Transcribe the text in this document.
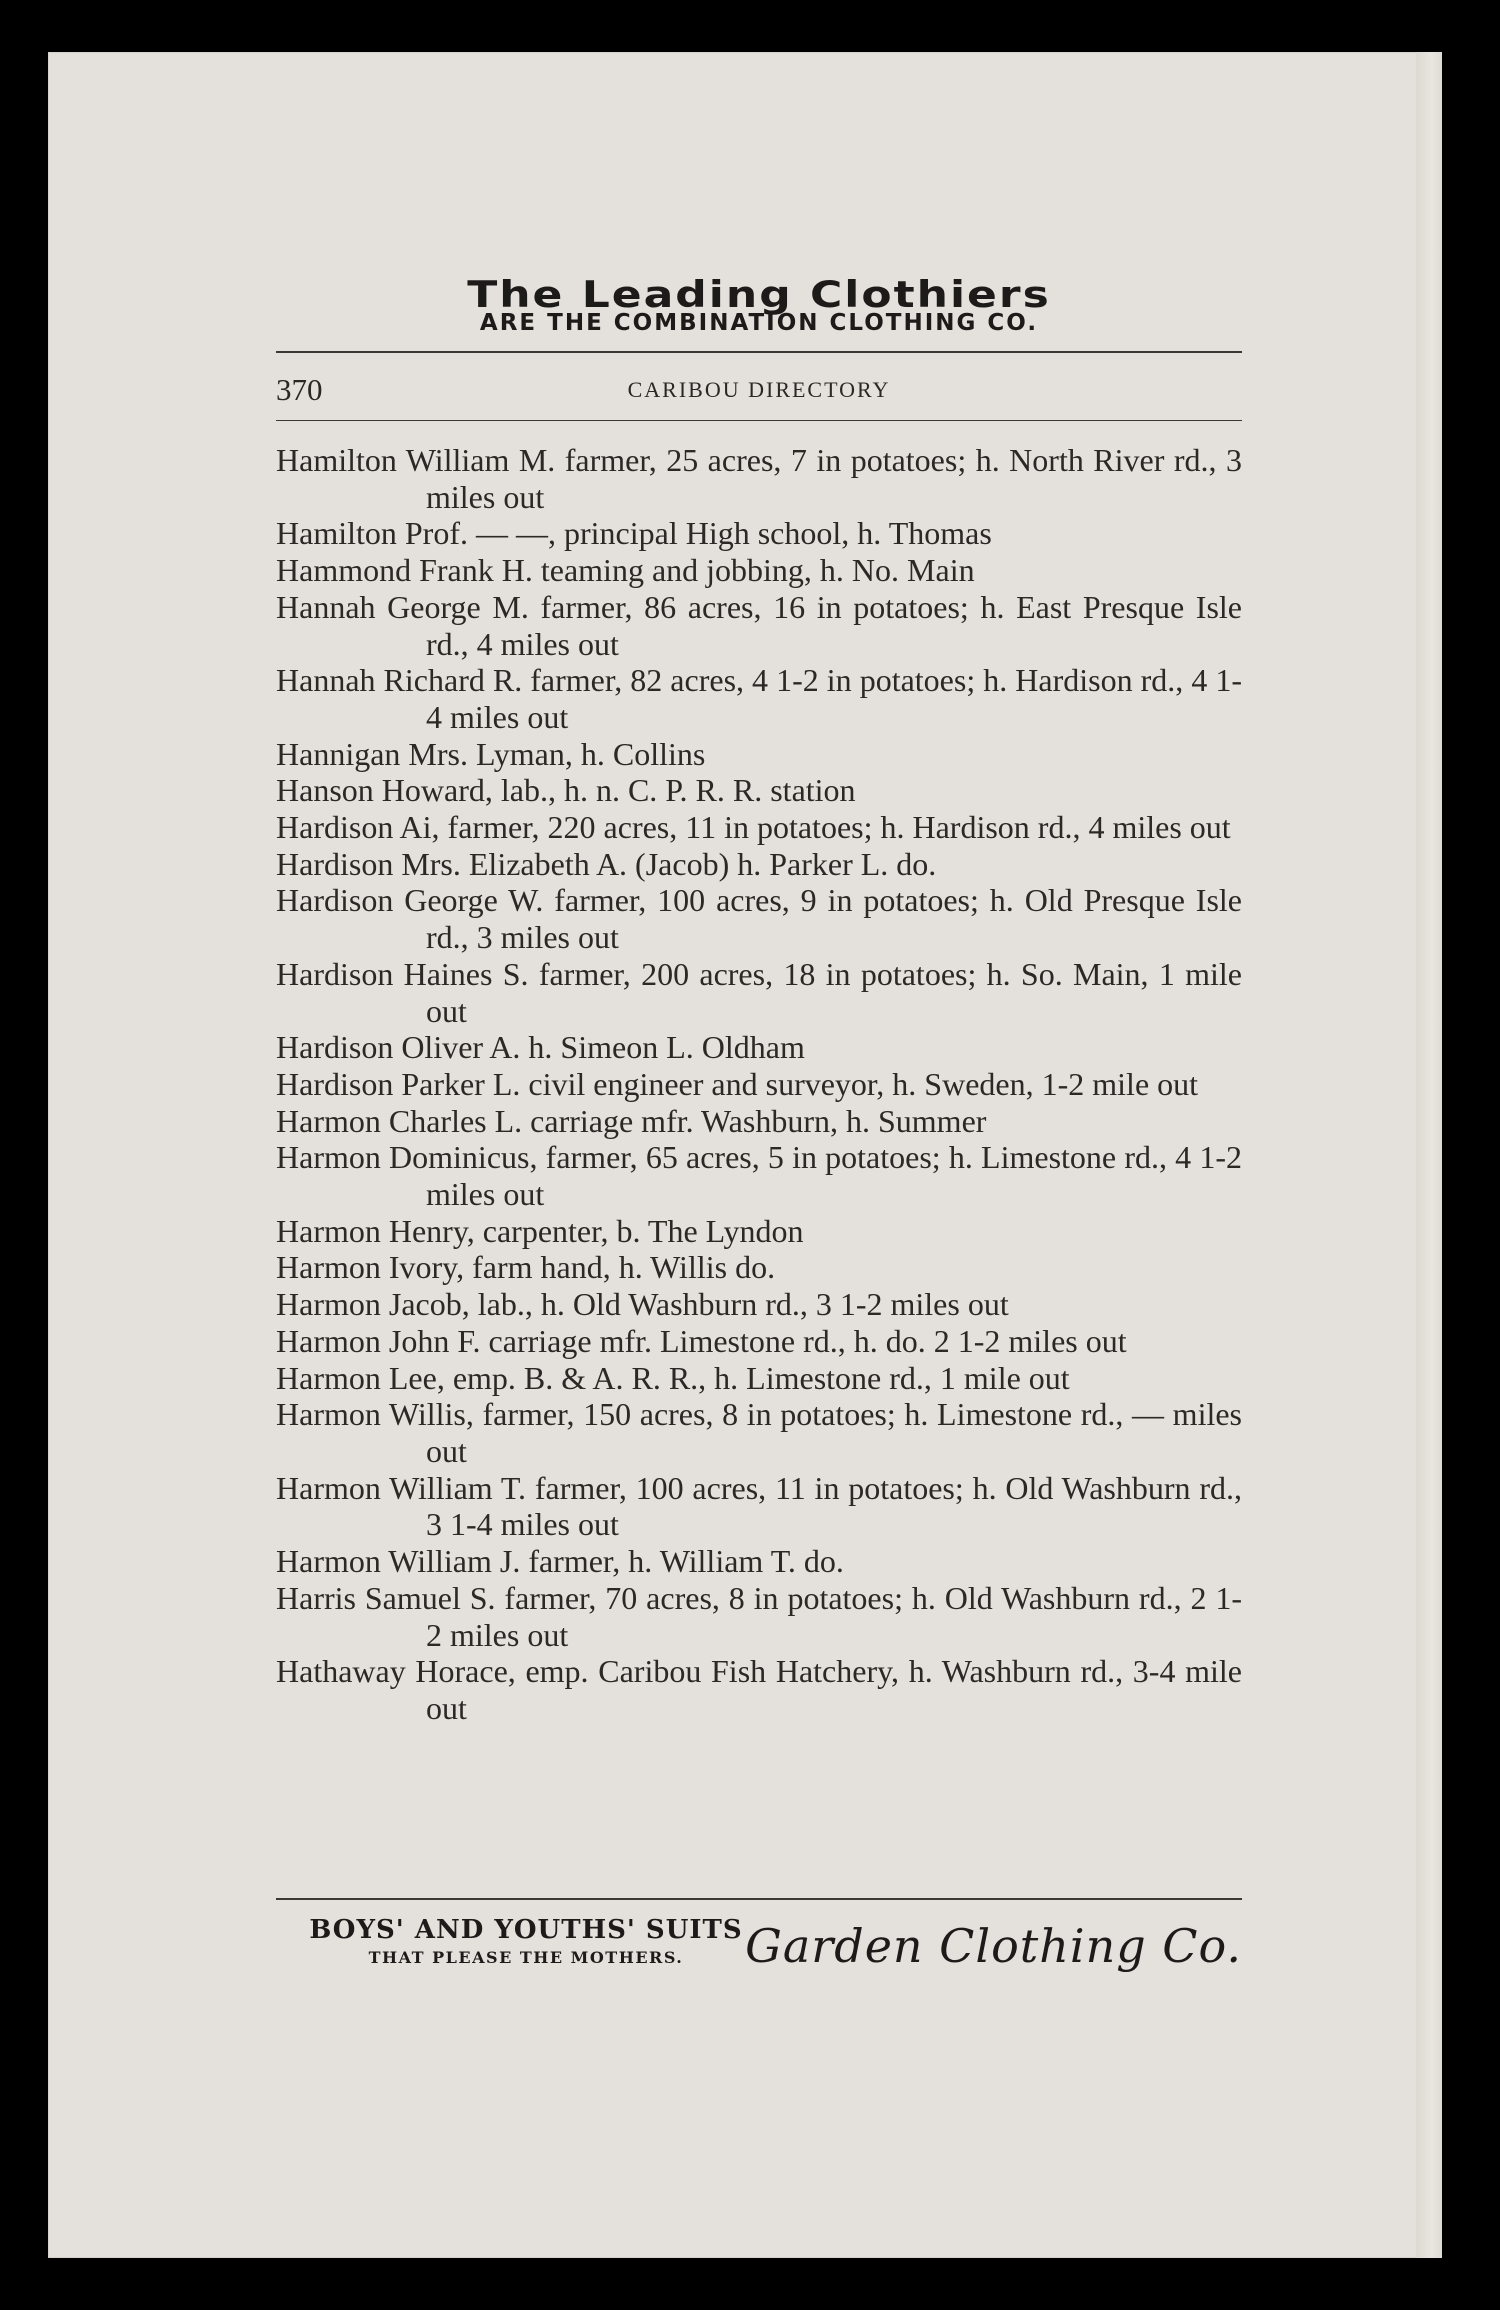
The Leading Clothiers
ARE THE COMBINATION CLOTHING CO.
370	CARIBOU DIRECTORY
Hamilton William M. farmer, 25 acres, 7 in potatoes; h. North River rd., 3 miles out
Hamilton Prof. — —, principal High school, h. Thomas
Hammond Frank H. teaming and jobbing, h. No. Main
Hannah George M. farmer, 86 acres, 16 in potatoes; h. East Presque Isle rd., 4 miles out
Hannah Richard R. farmer, 82 acres, 4 1-2 in potatoes; h. Hardison rd., 4 1-4 miles out
Hannigan Mrs. Lyman, h. Collins
Hanson Howard, lab., h. n. C. P. R. R. station
Hardison Ai, farmer, 220 acres, 11 in potatoes; h. Hardison rd., 4 miles out
Hardison Mrs. Elizabeth A. (Jacob) h. Parker L. do.
Hardison George W. farmer, 100 acres, 9 in potatoes; h. Old Presque Isle rd., 3 miles out
Hardison Haines S. farmer, 200 acres, 18 in potatoes; h. So. Main, 1 mile out
Hardison Oliver A. h. Simeon L. Oldham
Hardison Parker L. civil engineer and surveyor, h. Sweden, 1-2 mile out
Harmon Charles L. carriage mfr. Washburn, h. Summer
Harmon Dominicus, farmer, 65 acres, 5 in potatoes; h. Limestone rd., 4 1-2 miles out
Harmon Henry, carpenter, b. The Lyndon
Harmon Ivory, farm hand, h. Willis do.
Harmon Jacob, lab., h. Old Washburn rd., 3 1-2 miles out
Harmon John F. carriage mfr. Limestone rd., h. do. 2 1-2 miles out
Harmon Lee, emp. B. & A. R. R., h. Limestone rd., 1 mile out
Harmon Willis, farmer, 150 acres, 8 in potatoes; h. Limestone rd., — miles out
Harmon William T. farmer, 100 acres, 11 in potatoes; h. Old Washburn rd., 3 1-4 miles out
Harmon William J. farmer, h. William T. do.
Harris Samuel S. farmer, 70 acres, 8 in potatoes; h. Old Washburn rd., 2 1-2 miles out
Hathaway Horace, emp. Caribou Fish Hatchery, h. Washburn rd., 3-4 mile out
BOYS' AND YOUTHS' SUITS
THAT PLEASE THE MOTHERS.	Garden Clothing Co.
